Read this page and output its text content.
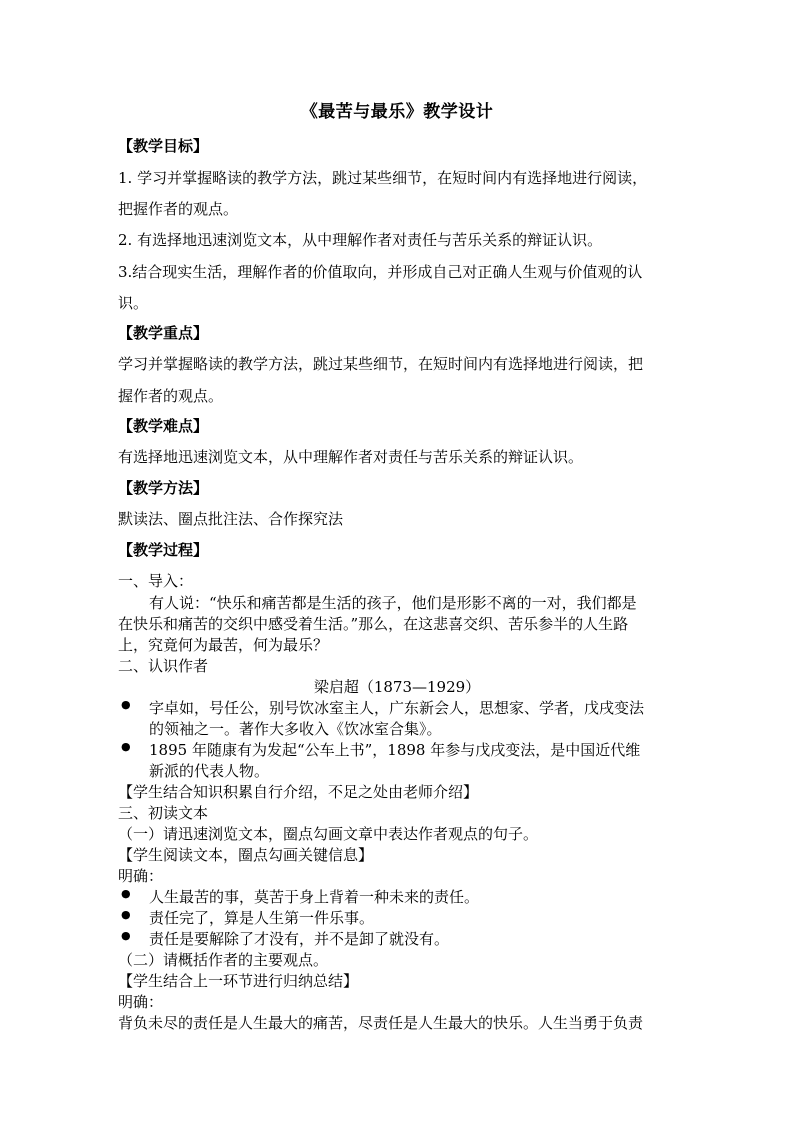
《最苦与最乐》教学设计
【教学目标】
1. 学习并掌握略读的教学方法，跳过某些细节，在短时间内有选择地进行阅读，
把握作者的观点。
2. 有选择地迅速浏览文本，从中理解作者对责任与苦乐关系的辩证认识。
3.结合现实生活，理解作者的价值取向，并形成自己对正确人生观与价值观的认
识。
【教学重点】
学习并掌握略读的教学方法，跳过某些细节，在短时间内有选择地进行阅读，把
握作者的观点。
【教学难点】
有选择地迅速浏览文本，从中理解作者对责任与苦乐关系的辩证认识。
【教学方法】
默读法、圈点批注法、合作探究法
【教学过程】
一、导入：
有人说：“快乐和痛苦都是生活的孩子，他们是形影不离的一对，我们都是
在快乐和痛苦的交织中感受着生活。”那么，在这悲喜交织、苦乐参半的人生路
上，究竟何为最苦，何为最乐？
二、认识作者
梁启超（1873—1929）
● 字卓如，号任公，别号饮冰室主人，广东新会人，思想家、学者，戊戌变法
的领袖之一。著作大多收入《饮冰室合集》。
● 1895 年随康有为发起“公车上书”，1898 年参与戊戌变法，是中国近代维
新派的代表人物。
【学生结合知识积累自行介绍，不足之处由老师介绍】
三、初读文本
（一）请迅速浏览文本，圈点勾画文章中表达作者观点的句子。
【学生阅读文本，圈点勾画关键信息】
明确：
● 人生最苦的事，莫苦于身上背着一种未来的责任。
● 责任完了，算是人生第一件乐事。
● 责任是要解除了才没有，并不是卸了就没有。
（二）请概括作者的主要观点。
【学生结合上一环节进行归纳总结】
明确：
背负未尽的责任是人生最大的痛苦，尽责任是人生最大的快乐。人生当勇于负责
